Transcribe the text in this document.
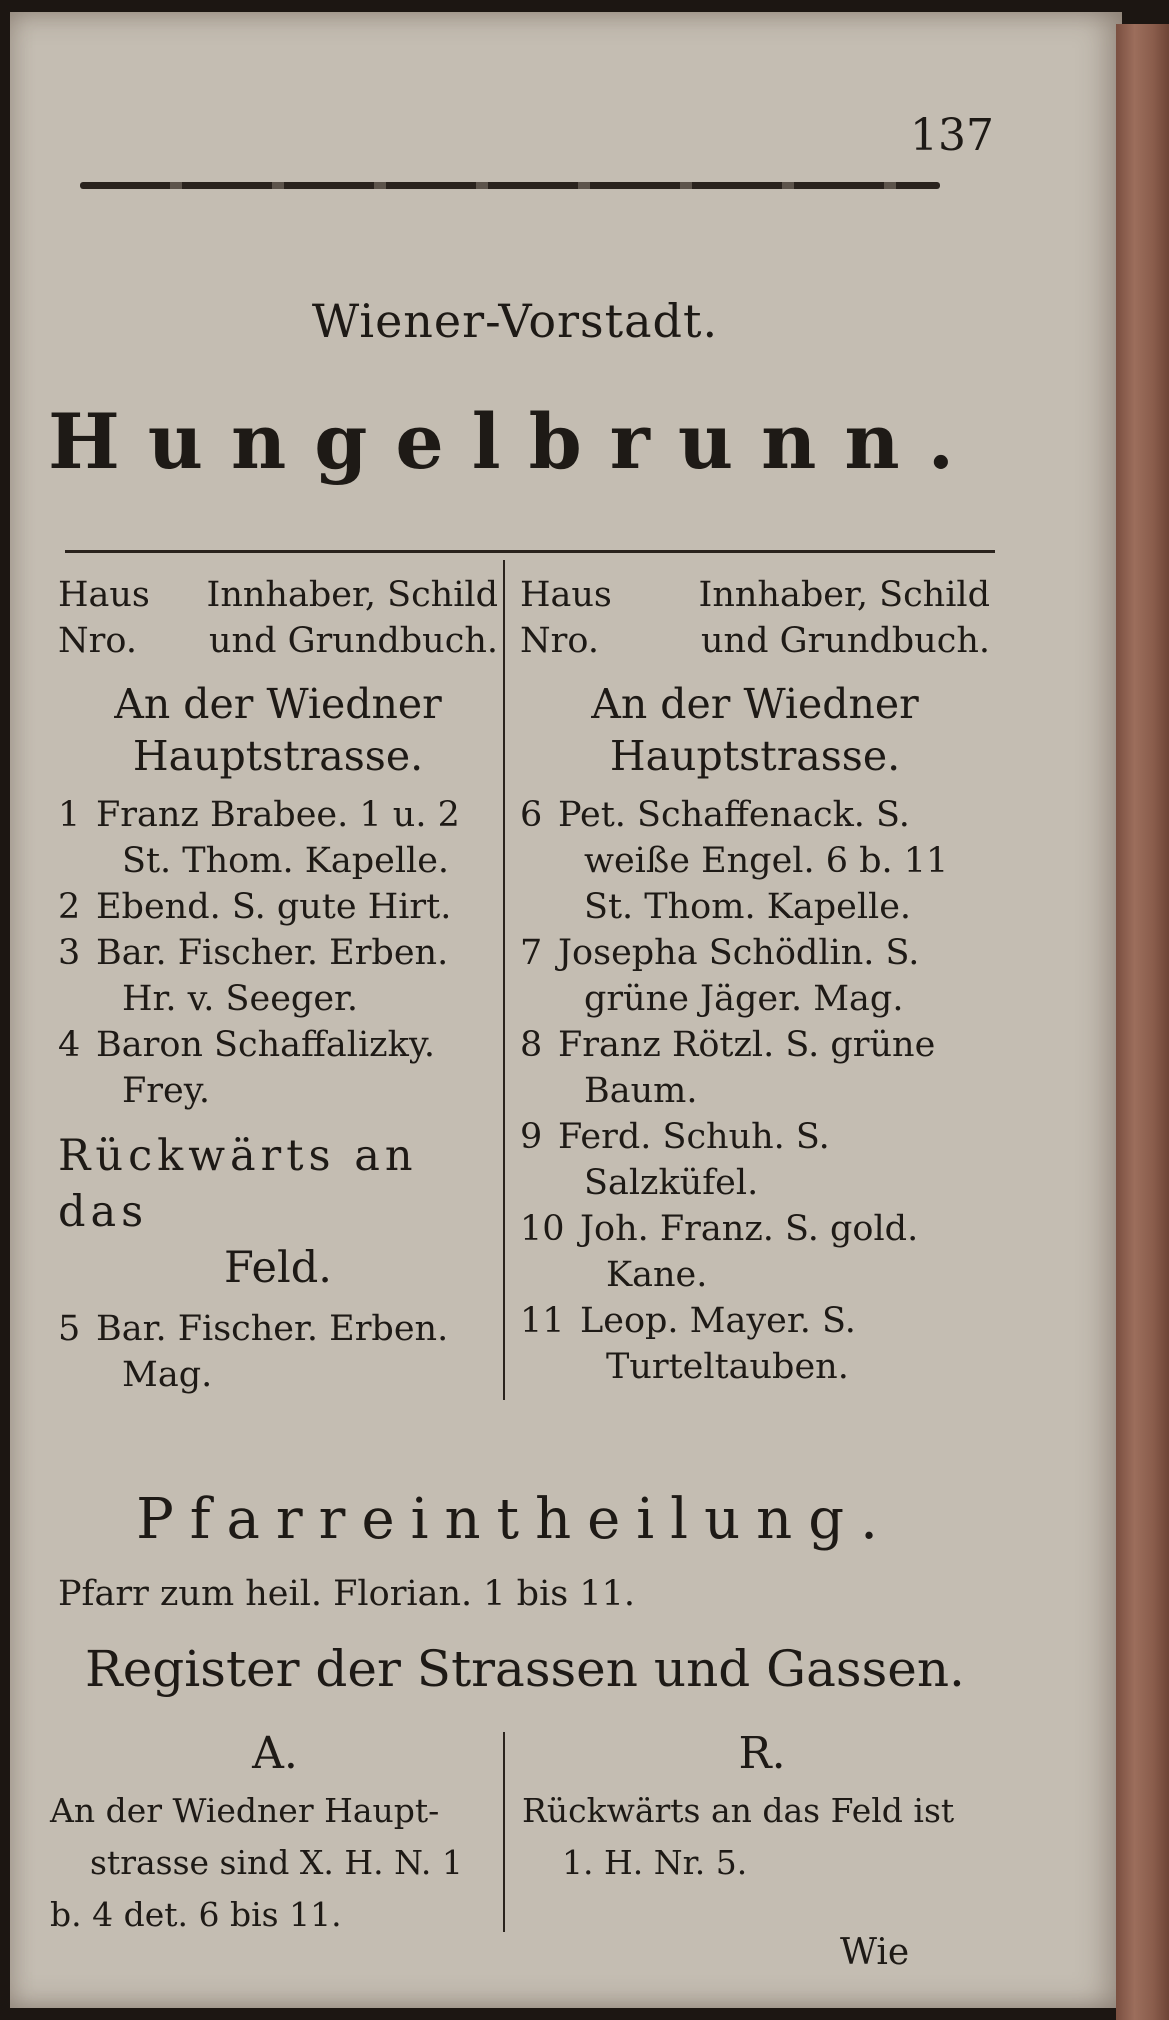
137

Wiener-Vorstadt.

Hungelbrunn.

Haus Innhaber, Schild
Nro. und Grundbuch.
An der Wiedner
Hauptstrasse.
1 Franz Brabee. 1 u. 2
St. Thom. Kapelle.
2 Ebend. S. gute Hirt.
3 Bar. Fischer. Erben.
Hr. v. Seeger.
4 Baron Schaffalizky.
Frey.
Rückwärts an das
Feld.
5 Bar. Fischer. Erben.
Mag.
Haus Innhaber, Schild
Nro.	und Grundbuch.
An der Wiedner
Hauptstrasse.
6 Pet. Schaffenack. S.
weiße Engel. 6 b. 11
St. Thom. Kapelle.
7 Josepha Schödlin. S.
grüne Jäger. Mag.
8 Franz Rötzl. S. grüne
Baum.
9 Ferd. Schuh. S.
Salzküfel.
10 Joh. Franz. S. gold.
Kane.
11 Leop. Mayer. S.
Turteltauben.

Pfarreintheilung.

Pfarr zum heil. Florian. 1 bis 11.

Register der Strassen und Gassen.

A.
An der Wiedner Haupt-
strasse sind X. H. N. 1
b. 4 det. 6 bis 11.
R.
Rückwärts an das Feld ist
1. H. Nr. 5.

Wie
